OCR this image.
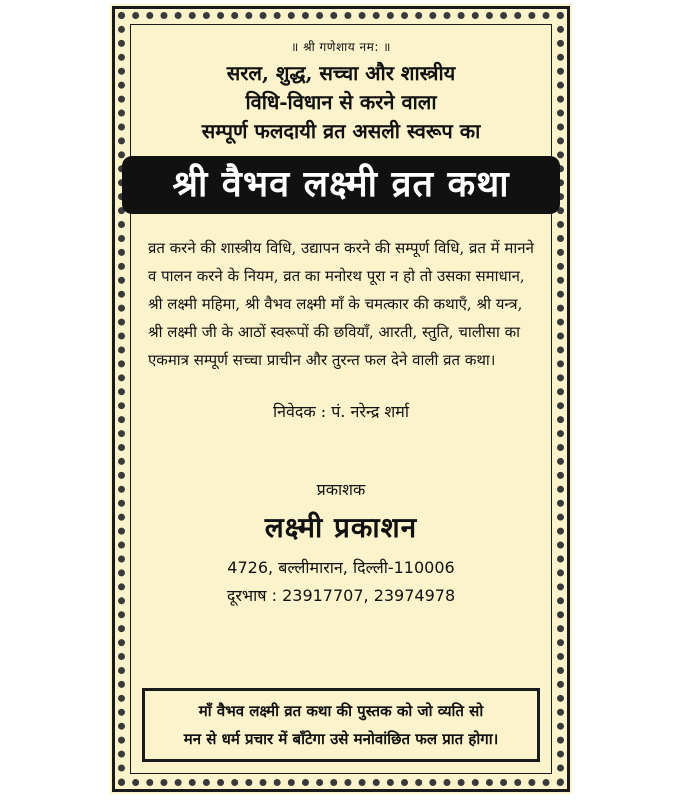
॥ श्री गणेशाय नम: ॥
सरल, शुद्ध, सच्चा और शास्त्रीय
विधि-विधान से करने वाला
सम्पूर्ण फलदायी व्रत असली स्वरूप का
श्री वैभव लक्ष्मी व्रत कथा
व्रत करने की शास्त्रीय विधि, उद्यापन करने की सम्पूर्ण विधि, व्रत में मानने व पालन करने के नियम, व्रत का मनोरथ पूरा न हो तो उसका समाधान, श्री लक्ष्मी महिमा, श्री वैभव लक्ष्मी माँ के चमत्कार की कथाएँ, श्री यन्त्र, श्री लक्ष्मी जी के आठों स्वरूपों की छवियाँ, आरती, स्तुति, चालीसा का एकमात्र सम्पूर्ण सच्चा प्राचीन और तुरन्त फल देने वाली व्रत कथा।
निवेदक : पं. नरेन्द्र शर्मा
प्रकाशक
लक्ष्मी प्रकाशन
4726, बल्लीमारान, दिल्ली-110006
दूरभाष : 23917707, 23974978
माँ वैभव लक्ष्मी व्रत कथा की पुस्तक को जो व्यति सो
मन से धर्म प्रचार में बाँटेगा उसे मनोवांछित फल प्रात होगा।
